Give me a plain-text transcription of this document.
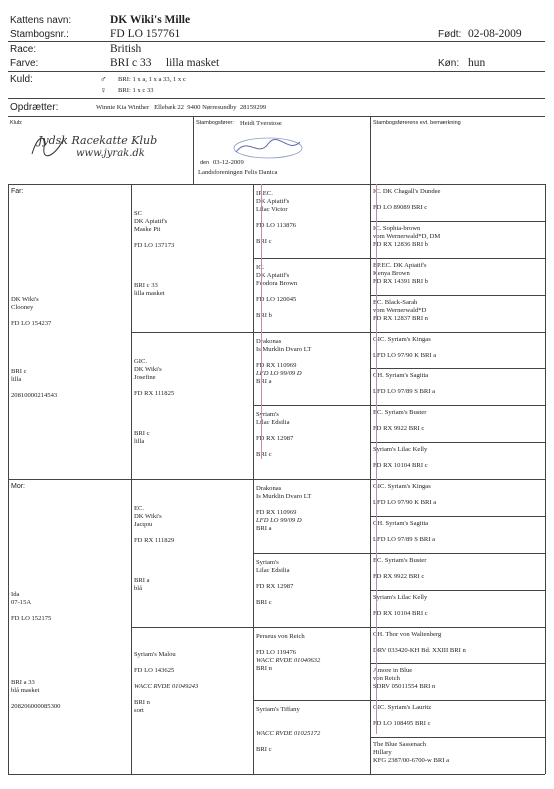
Kattens navn:	DK Wiki's Mille
Stambogsnr.:	FD LO 157761	Født: 02-08-2009
Race:	British
Farve:	BRI c 33     lilla masket	Køn: hun
Kuld:	♂ BRI: 1 x a, 1 x a 33, 1 x c
♀ BRI: 1 x c 33
Opdrætter:	Winnie Kia Winther   Ellebæk 22  9400 Nørresundby  28159299
Klub:
Jydsk Racekatte Klub
www.jyrak.dk
Stambogsfører: Heidi Tverstose
den 03-12-2009
Landsforeningen Felis Danica
Stambogsførerens evt. bemærkning
Far:
Mor:
DK Wiki's
Clooney
FD LO 154237
BRI c
lilla
20810000214543
Ida
07-15A
FD LO 152175
BRI a 33
blå masket
208206000085300
SC
DK Apiatif's
Maske Pii
FD LO 137173
BRI c 33
lilla masket
GIC.
DK Wiki's
Josefine
FD RX 111825
BRI c
lilla
EC.
DK Wiki's
Jacqou
FD RX 111829
BRI a
blå
Syriam's Malou
FD LO 143625
WACC RVDE 01049243
BRI n
sort
IP.EC.
DK Apiatif's
Lilac Victor
FD LO 113876
BRI c
IC.
DK Apiatif's
Feodora Brown
FD LO 120045
BRI b
Drakonas
Is Murklin Dvaro LT
FD RX 110969
LFD LO 99/09 D
BRI a
Syriam's
Lilac Edsilia
FD RX 12987
BRI c
Drakonas
Is Murklin Dvaro LT
FD RX 110969
LFD LO 99/09 D
BRI a
Syriam's
Lilac Edsilia
FD RX 12987
BRI c
Perseus von Reich
FD LO 119476
WACC RVDE 01040632
BRI n
Syriam's Tiffany
WACC RVDE 01025172
BRI c
IC. DK Chagall's Dundee
FD LO 89089 BRI c
IC. Sophia-brown
vom Wernerwald*D, DM
FD RX 12836 BRI b
EP.EC. DK Apiatif's
Kenya Brown
FD RX 14391 BRI b
EC. Black-Sarah
vom Wernerwald*D
FD RX 12837 BRI n
GIC. Syriam's Kingas
LFD LO 97/90 K BRI a
CH. Syriam's Sagitta
LFD LO 97/89 S BRI a
EC. Syriam's Buster
FD RX 9922 BRI c
Syriam's Lilac Kelly
FD RX 10104 BRI c
GIC. Syriam's Kingas
LFD LO 97/90 K BRI a
CH. Syriam's Sagitta
LFD LO 97/89 S BRI a
EC. Syriam's Buster
FD RX 9922 BRI c
Syriam's Lilac Kelly
FD RX 10104 BRI c
CH. Thor von Waltenberg
DRV 033420-KH Bd. XXIII BRI n
Amore in Blue
von Reich
SDRV 05011554 BRI n
GIC. Syriam's Lauritz
FD LO 108495 BRI c
The Blue Sassenach
Hillary
KFG 2387/00-6700-w BRI a
